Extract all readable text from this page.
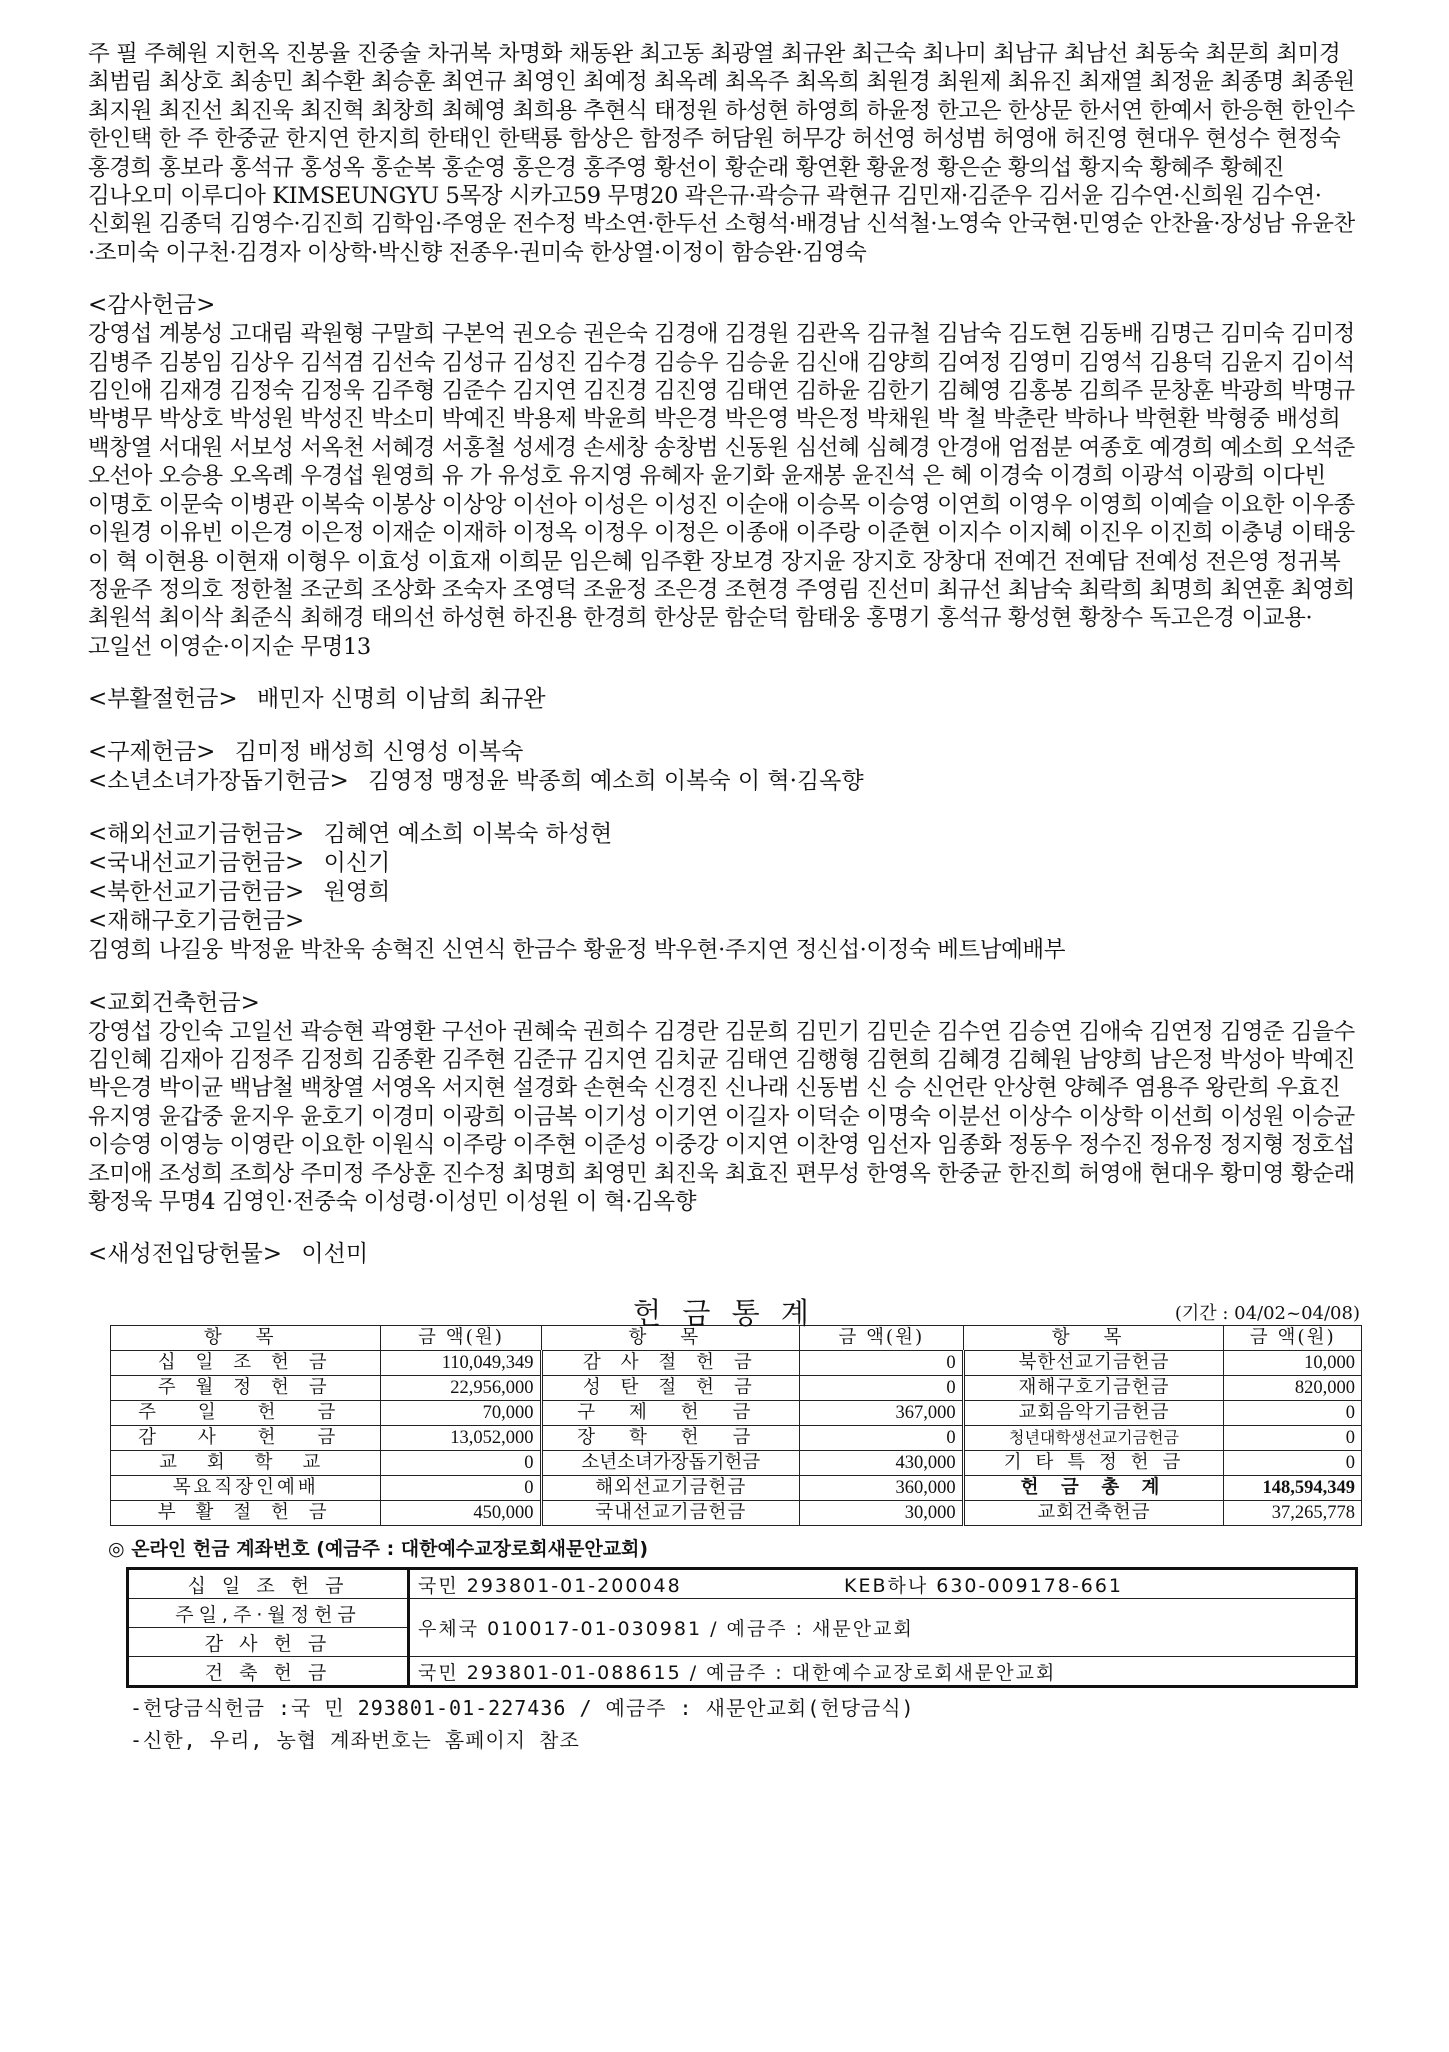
주 필 주혜원 지헌옥 진봉율 진중술 차귀복 차명화 채동완 최고동 최광열 최규완 최근숙 최나미 최남규 최남선 최동숙 최문희 최미경 최범림 최상호 최송민 최수환 최승훈 최연규 최영인 최예정 최옥례 최옥주 최옥희 최원경 최원제 최유진 최재열 최정윤 최종명 최종원 최지원 최진선 최진욱 최진혁 최창희 최혜영 최희용 추현식 태정원 하성현 하영희 하윤정 한고은 한상문 한서연 한예서 한응현 한인수 한인택 한 주 한중균 한지연 한지희 한태인 한택룡 함상은 함정주 허담원 허무강 허선영 허성범 허영애 허진영 현대우 현성수 현정숙 홍경희 홍보라 홍석규 홍성옥 홍순복 홍순영 홍은경 홍주영 황선이 황순래 황연환 황윤정 황은순 황의섭 황지숙 황혜주 황혜진 김나오미 이루디아 KIMSEUNGYU 5목장 시카고59 무명20 곽은규·곽승규 곽현규 김민재·김준우 김서윤 김수연·신희원 김수연·신회원 김종덕 김영수·김진희 김학임·주영운 전수정 박소연·한두선 소형석·배경남 신석철·노영숙 안국현·민영순 안찬율·장성남 유윤찬·조미숙 이구천·김경자 이상학·박신향 전종우·권미숙 한상열·이정이 함승완·김영숙

<감사헌금>

강영섭 계봉성 고대림 곽원형 구말희 구본억 권오승 권은숙 김경애 김경원 김관옥 김규철 김남숙 김도현 김동배 김명근 김미숙 김미정 김병주 김봉임 김상우 김석겸 김선숙 김성규 김성진 김수경 김승우 김승윤 김신애 김양희 김여정 김영미 김영석 김용덕 김윤지 김이석 김인애 김재경 김정숙 김정욱 김주형 김준수 김지연 김진경 김진영 김태연 김하윤 김한기 김혜영 김홍봉 김희주 문창훈 박광희 박명규 박병무 박상호 박성원 박성진 박소미 박예진 박용제 박윤희 박은경 박은영 박은정 박채원 박 철 박춘란 박하나 박현환 박형중 배성희 백창열 서대원 서보성 서옥천 서혜경 서홍철 성세경 손세창 송창범 신동원 심선혜 심혜경 안경애 엄점분 여종호 예경희 예소희 오석준 오선아 오승용 오옥례 우경섭 원영희 유 가 유성호 유지영 유혜자 윤기화 윤재봉 윤진석 은 혜 이경숙 이경희 이광석 이광희 이다빈 이명호 이문숙 이병관 이복숙 이봉상 이상앙 이선아 이성은 이성진 이순애 이승목 이승영 이연희 이영우 이영희 이예슬 이요한 이우종 이원경 이유빈 이은경 이은정 이재순 이재하 이정옥 이정우 이정은 이종애 이주랑 이준현 이지수 이지혜 이진우 이진희 이충녕 이태웅 이 혁 이현용 이현재 이형우 이효성 이효재 이희문 임은혜 임주환 장보경 장지윤 장지호 장창대 전예건 전예담 전예성 전은영 정귀복 정윤주 정의호 정한철 조군희 조상화 조숙자 조영덕 조윤정 조은경 조현경 주영림 진선미 최규선 최남숙 최락희 최명희 최연훈 최영희 최원석 최이삭 최준식 최해경 태의선 하성현 하진용 한경희 한상문 함순덕 함태웅 홍명기 홍석규 황성현 황창수 독고은경 이교용·고일선 이영순·이지순 무명13

<부활절헌금> 배민자 신명희 이남희 최규완
<구제헌금> 김미정 배성희 신영성 이복숙
<소년소녀가장돕기헌금> 김영정 맹정윤 박종희 예소희 이복숙 이 혁·김옥향
<해외선교기금헌금> 김혜연 예소희 이복숙 하성현
<국내선교기금헌금> 이신기
<북한선교기금헌금> 원영희
<재해구호기금헌금>

김영희 나길웅 박정윤 박찬욱 송혁진 신연식 한금수 황윤정 박우현·주지연 정신섭·이정숙 베트남예배부

<교회건축헌금>

강영섭 강인숙 고일선 곽승현 곽영환 구선아 권혜숙 권희수 김경란 김문희 김민기 김민순 김수연 김승연 김애숙 김연정 김영준 김을수 김인혜 김재아 김정주 김정희 김종환 김주현 김준규 김지연 김치균 김태연 김행형 김현희 김혜경 김혜원 남양희 남은정 박성아 박예진 박은경 박이균 백남철 백창열 서영옥 서지현 설경화 손현숙 신경진 신나래 신동범 신 승 신언란 안상현 양혜주 염용주 왕란희 우효진 유지영 윤갑중 윤지우 윤호기 이경미 이광희 이금복 이기성 이기연 이길자 이덕순 이명숙 이분선 이상수 이상학 이선희 이성원 이승균 이승영 이영능 이영란 이요한 이원식 이주랑 이주현 이준성 이중강 이지연 이찬영 임선자 임종화 정동우 정수진 정유정 정지형 정호섭 조미애 조성희 조희상 주미정 주상훈 진수정 최명희 최영민 최진욱 최효진 편무성 한영옥 한중균 한진희 허영애 현대우 황미영 황순래 황정욱 무명4 김영인·전중숙 이성령·이성민 이성원 이 혁·김옥향

<새성전입당헌물> 이선미
헌 금 통 계	(기간 : 04/02~04/08)
항 목	금 액(원)	항 목	금 액(원)	항 목	금 액(원)
십 일 조 헌 금	110,049,349	감 사 절 헌 금	0	북한선교기금헌금	10,000
주 월 정 헌 금	22,956,000	성 탄 절 헌 금	0	재해구호기금헌금	820,000
주 일 헌 금	70,000	구 제 헌 금	367,000	교회음악기금헌금	0
감 사 헌 금	13,052,000	장 학 헌 금	0	청년대학생선교기금헌금	0
교 회 학 교	0	소년소녀가장돕기헌금	430,000	기 타 특 정 헌 금	0
목요직장인예배	0	해외선교기금헌금	360,000	헌 금 총 계	148,594,349
부 활 절 헌 금	450,000	국내선교기금헌금	30,000	교회건축헌금	37,265,778
◎ 온라인 헌금 계좌번호 (예금주 : 대한예수교장로회새문안교회)
십 일 조 헌 금	국민 293801-01-200048	KEB하나 630-009178-661
주일,주·월정헌금	우체국 010017-01-030981 / 예금주 : 새문안교회	
감 사 헌 금		
건 축 헌 금	국민 293801-01-088615 / 예금주 : 대한예수교장로회새문안교회	
-헌당금식헌금 :국 민 293801-01-227436 / 예금주 : 새문안교회(헌당금식)
-신한, 우리, 농협 계좌번호는 홈페이지 참조
